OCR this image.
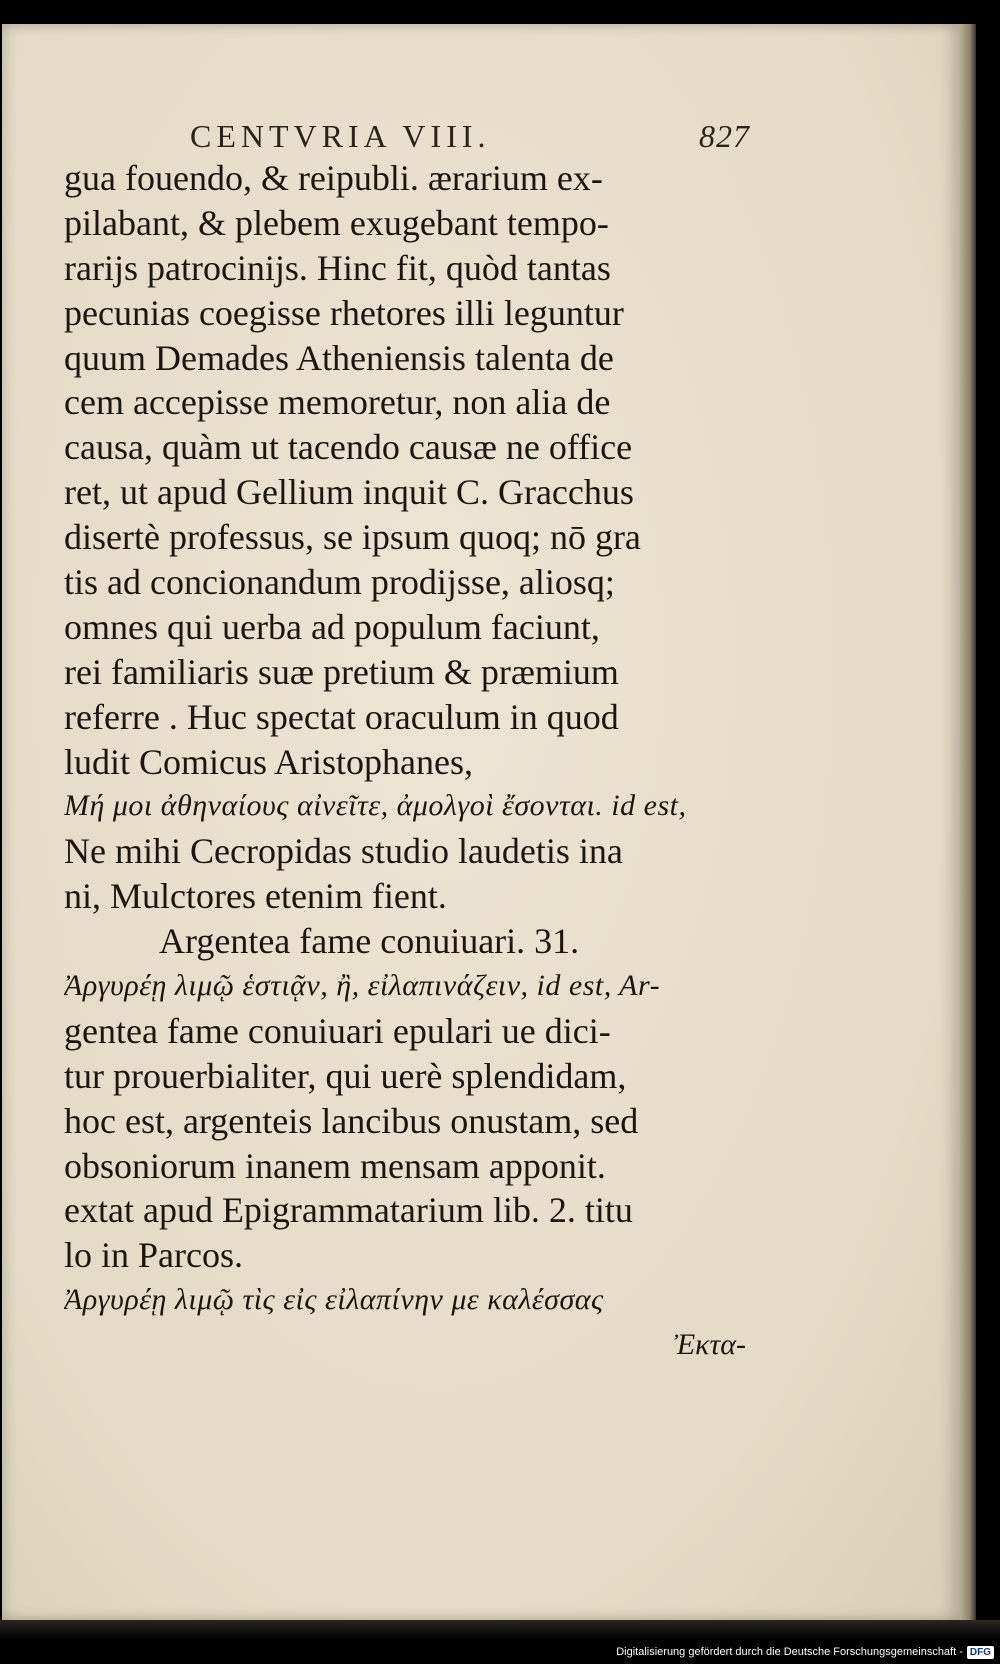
CENTVRIA VIII.	827
gua fouendo, & reipubli. ærarium ex-
pilabant, & plebem exugebant tempo-
rarijs patrocinijs. Hinc fit, quòd tantas
pecunias coegisse rhetores illi leguntur
quum Demades Atheniensis talenta de
cem accepisse memoretur, non alia de
causa, quàm ut tacendo causæ ne office
ret, ut apud Gellium inquit C. Gracchus
disertè professus, se ipsum quoq; nō gra
tis ad concionandum prodijsse, aliosq;
omnes qui uerba ad populum faciunt,
rei familiaris suæ pretium & præmium
referre . Huc spectat oraculum in quod
ludit Comicus Aristophanes,
Μή μοι ἀθηναίους αἰνεῖτε, ἀμολγοὶ ἔσονται. id est,
Ne mihi Cecropidas studio laudetis ina
ni, Mulctores etenim fient.
Argentea fame conuiuari. 31.
Ἀργυρέῃ λιμῷ ἑστιᾷν, ἢ, εἰλαπινάζειν, id est, Ar-
gentea fame conuiuari epulari ue dici-
tur prouerbialiter, qui uerè splendidam,
hoc est, argenteis lancibus onustam, sed
obsoniorum inanem mensam apponit.
extat apud Epigrammatarium lib. 2. titu
lo in Parcos.
Ἀργυρέῃ λιμῷ τὶς εἰς εἰλαπίνην με καλέσσας
Ἐκτα-
Digitalisierung gefördert durch die Deutsche Forschungsgemeinschaft - DFG
